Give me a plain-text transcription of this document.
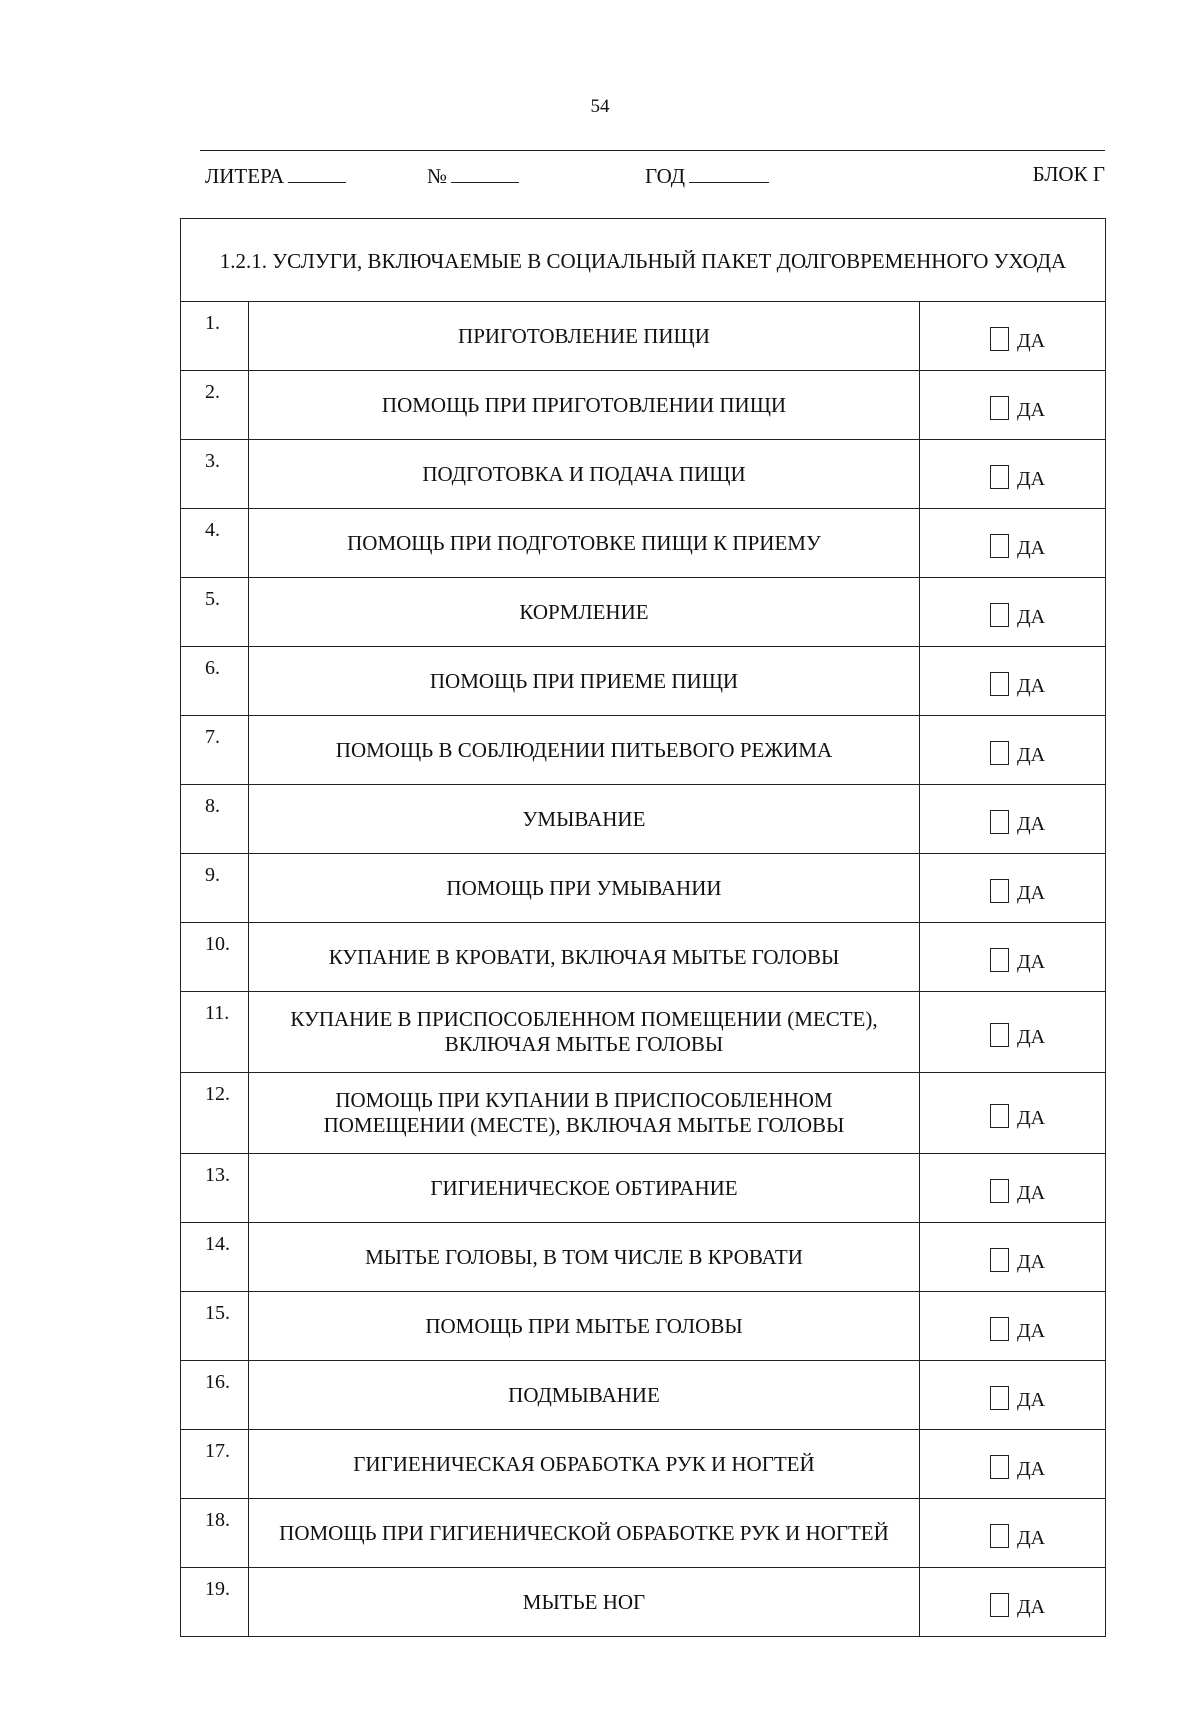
54
ЛИТЕРА	№	ГОД	БЛОК Г
1.2.1. УСЛУГИ, ВКЛЮЧАЕМЫЕ В СОЦИАЛЬНЫЙ ПАКЕТ ДОЛГОВРЕМЕННОГО УХОДА		
1.	ПРИГОТОВЛЕНИЕ ПИЩИ	ДА
2.	ПОМОЩЬ ПРИ ПРИГОТОВЛЕНИИ ПИЩИ	ДА
3.	ПОДГОТОВКА И ПОДАЧА ПИЩИ	ДА
4.	ПОМОЩЬ ПРИ ПОДГОТОВКЕ ПИЩИ К ПРИЕМУ	ДА
5.	КОРМЛЕНИЕ	ДА
6.	ПОМОЩЬ ПРИ ПРИЕМЕ ПИЩИ	ДА
7.	ПОМОЩЬ В СОБЛЮДЕНИИ ПИТЬЕВОГО РЕЖИМА	ДА
8.	УМЫВАНИЕ	ДА
9.	ПОМОЩЬ ПРИ УМЫВАНИИ	ДА
10.	КУПАНИЕ В КРОВАТИ, ВКЛЮЧАЯ МЫТЬЕ ГОЛОВЫ	ДА
11.	КУПАНИЕ В ПРИСПОСОБЛЕННОМ ПОМЕЩЕНИИ (МЕСТЕ), ВКЛЮЧАЯ МЫТЬЕ ГОЛОВЫ	ДА
12.	ПОМОЩЬ ПРИ КУПАНИИ В ПРИСПОСОБЛЕННОМ ПОМЕЩЕНИИ (МЕСТЕ), ВКЛЮЧАЯ МЫТЬЕ ГОЛОВЫ	ДА
13.	ГИГИЕНИЧЕСКОЕ ОБТИРАНИЕ	ДА
14.	МЫТЬЕ ГОЛОВЫ, В ТОМ ЧИСЛЕ В КРОВАТИ	ДА
15.	ПОМОЩЬ ПРИ МЫТЬЕ ГОЛОВЫ	ДА
16.	ПОДМЫВАНИЕ	ДА
17.	ГИГИЕНИЧЕСКАЯ ОБРАБОТКА РУК И НОГТЕЙ	ДА
18.	ПОМОЩЬ ПРИ ГИГИЕНИЧЕСКОЙ ОБРАБОТКЕ РУК И НОГТЕЙ	ДА
19.	МЫТЬЕ НОГ	ДА
